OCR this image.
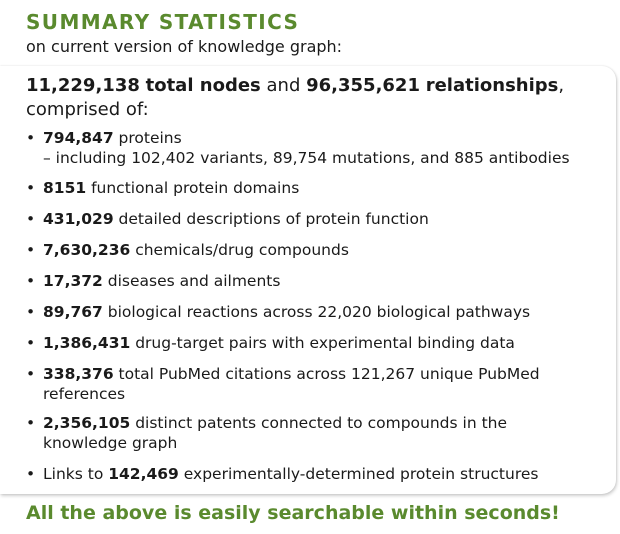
SUMMARY STATISTICS

on current version of knowledge graph:

11,229,138 total nodes and 96,355,621 relationships,
comprised of:

• 794,847 proteins
– including 102,402 variants, 89,754 mutations, and 885 antibodies
• 8151 functional protein domains
• 431,029 detailed descriptions of protein function
• 7,630,236 chemicals/drug compounds
• 17,372 diseases and ailments
• 89,767 biological reactions across 22,020 biological pathways
• 1,386,431 drug-target pairs with experimental binding data
• 338,376 total PubMed citations across 121,267 unique PubMed references
• 2,356,105 distinct patents connected to compounds in the knowledge graph
• Links to 142,469 experimentally-determined protein structures

All the above is easily searchable within seconds!
